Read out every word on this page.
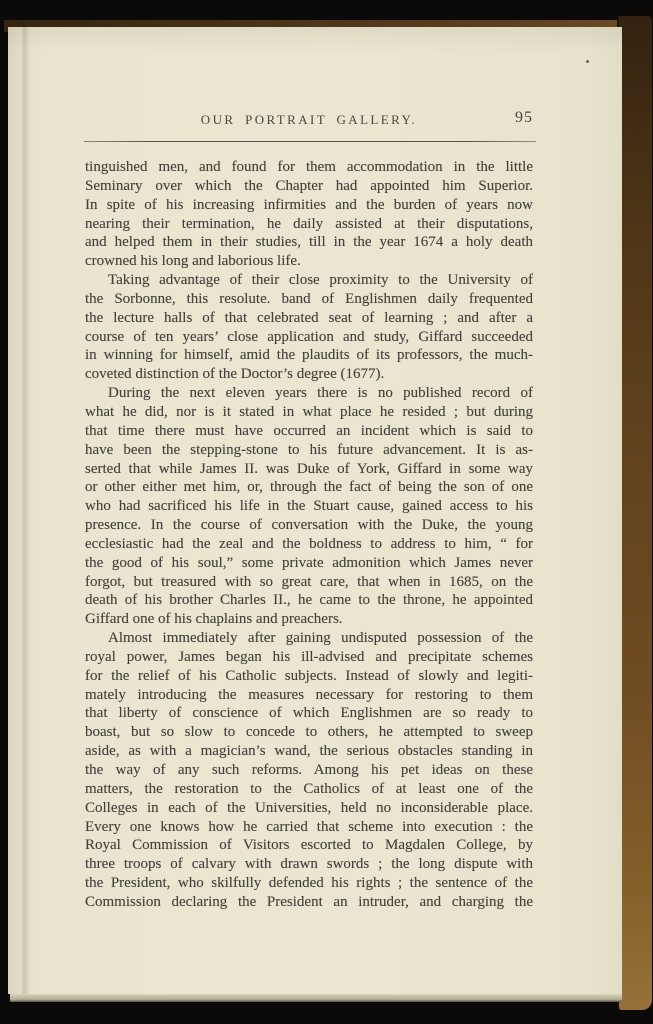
OUR PORTRAIT GALLERY.	95
tinguished men, and found for them accommodation in the little
Seminary over which the Chapter had appointed him Superior.
In spite of his increasing infirmities and the burden of years now
nearing their termination, he daily assisted at their disputations,
and helped them in their studies, till in the year 1674 a holy death
crowned his long and laborious life.
Taking advantage of their close proximity to the University of
the Sorbonne, this resolute. band of Englishmen daily frequented
the lecture halls of that celebrated seat of learning ; and after a
course of ten years’ close application and study, Giffard succeeded
in winning for himself, amid the plaudits of its professors, the much-
coveted distinction of the Doctor’s degree (1677).
During the next eleven years there is no published record of
what he did, nor is it stated in what place he resided ; but during
that time there must have occurred an incident which is said to
have been the stepping-stone to his future advancement. It is as-
serted that while James II. was Duke of York, Giffard in some way
or other either met him, or, through the fact of being the son of one
who had sacrificed his life in the Stuart cause, gained access to his
presence. In the course of conversation with the Duke, the young
ecclesiastic had the zeal and the boldness to address to him, “ for
the good of his soul,” some private admonition which James never
forgot, but treasured with so great care, that when in 1685, on the
death of his brother Charles II., he came to the throne, he appointed
Giffard one of his chaplains and preachers.
Almost immediately after gaining undisputed possession of the
royal power, James began his ill-advised and precipitate schemes
for the relief of his Catholic subjects. Instead of slowly and legiti-
mately introducing the measures necessary for restoring to them
that liberty of conscience of which Englishmen are so ready to
boast, but so slow to concede to others, he attempted to sweep
aside, as with a magician’s wand, the serious obstacles standing in
the way of any such reforms. Among his pet ideas on these
matters, the restoration to the Catholics of at least one of the
Colleges in each of the Universities, held no inconsiderable place.
Every one knows how he carried that scheme into execution : the
Royal Commission of Visitors escorted to Magdalen College, by
three troops of calvary with drawn swords ; the long dispute with
the President, who skilfully defended his rights ; the sentence of the
Commission declaring the President an intruder, and charging the
